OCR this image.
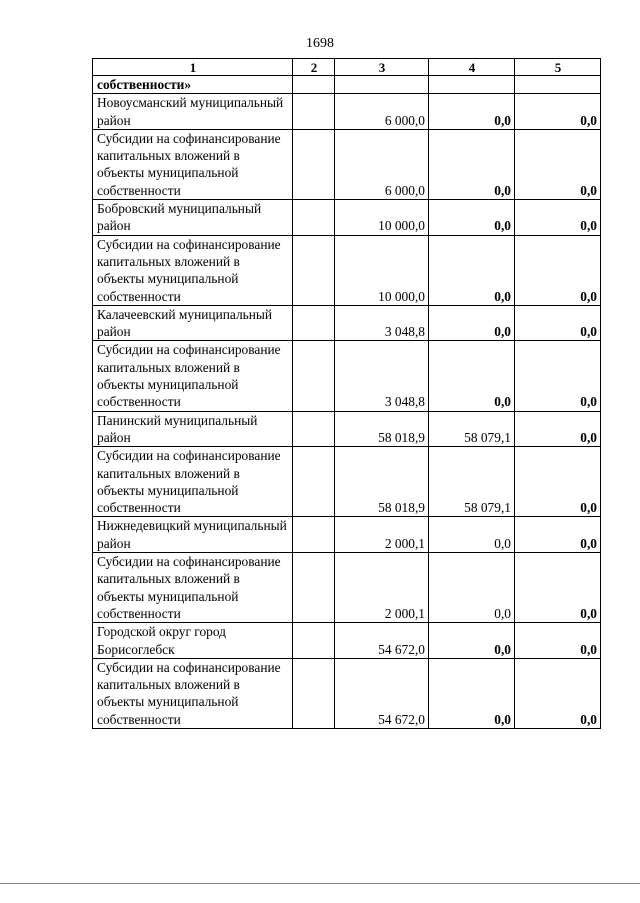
1698
1	2	3	4	5
собственности»				
Новоусманский муниципальный район		6 000,0	0,0	0,0
Субсидии на софинансирование капитальных вложений в объекты муниципальной собственности		6 000,0	0,0	0,0
Бобровский муниципальный район		10 000,0	0,0	0,0
Субсидии на софинансирование капитальных вложений в объекты муниципальной собственности		10 000,0	0,0	0,0
Калачеевский муниципальный район		3 048,8	0,0	0,0
Субсидии на софинансирование капитальных вложений в объекты муниципальной собственности		3 048,8	0,0	0,0
Панинский муниципальный район		58 018,9	58 079,1	0,0
Субсидии на софинансирование капитальных вложений в объекты муниципальной собственности		58 018,9	58 079,1	0,0
Нижнедевицкий муниципальный район		2 000,1	0,0	0,0
Субсидии на софинансирование капитальных вложений в объекты муниципальной собственности		2 000,1	0,0	0,0
Городской округ город Борисоглебск		54 672,0	0,0	0,0
Субсидии на софинансирование капитальных вложений в объекты муниципальной собственности		54 672,0	0,0	0,0
